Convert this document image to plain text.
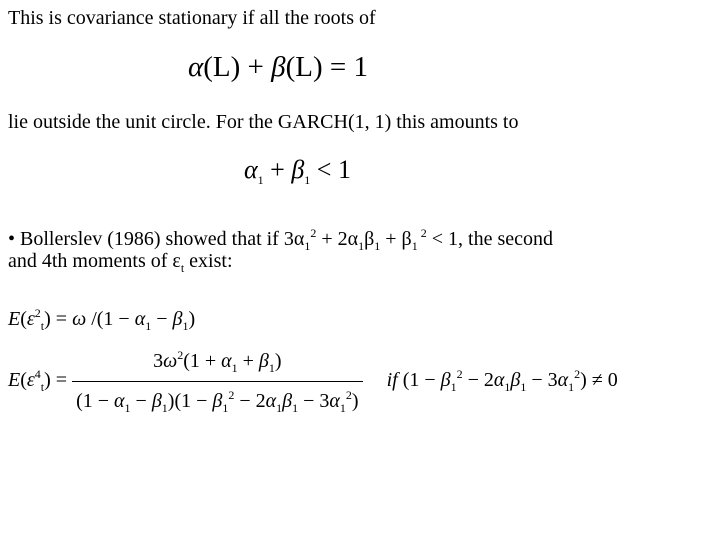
This is covariance stationary if all the roots of
α(L) + β(L) = 1
lie outside the unit circle. For the GARCH(1, 1) this amounts to
$\alpha_1 + \beta_1 < 1$
• Bollerslev (1986) showed that if $3\alpha_1^2 + 2\alpha_1\beta_1 + \beta_1$ $^2$ < 1, the second
and 4th moments of $\varepsilon_t$ exist:
$E(\varepsilon^2_t) = \omega$ $/(1 - \alpha_1 - \beta_1)$
$E(\varepsilon^4_t) = \frac{3\omega^2(1 + \alpha_1 + \beta_1)}{(1 - \alpha_1 - \beta_1)(1 - \beta_1^2 - 2\alpha_1\beta_1 - 3\alpha_1^2)}$ if $(1 - \beta_1^2 - 2\alpha_1\beta_1 - 3\alpha_1^2) \ne 0$
